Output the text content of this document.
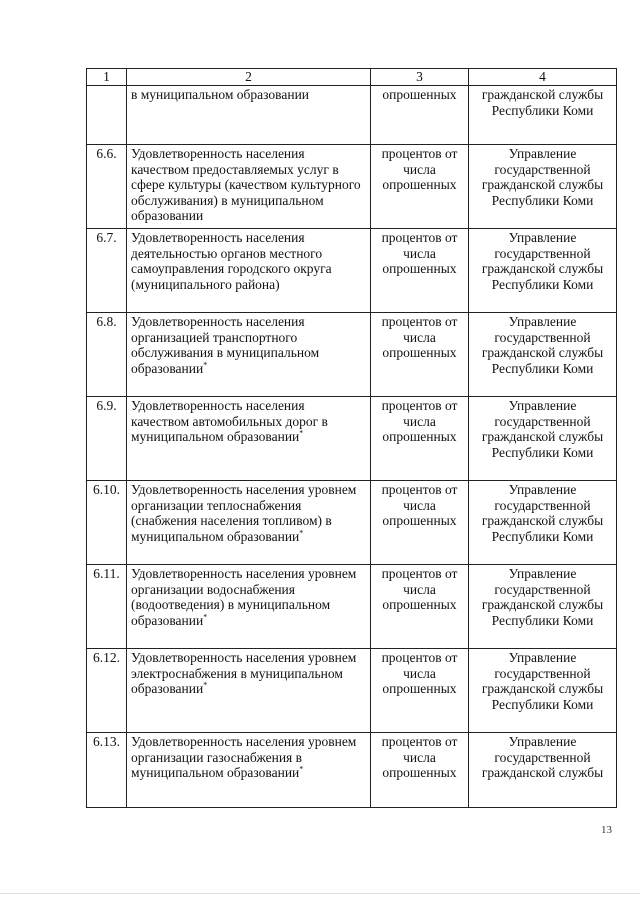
1	2	3	4
	в муниципальном образовании	опрошенных	гражданской службы Республики Коми
6.6.	Удовлетворенность населения качеством предоставляемых услуг в сфере культуры (качеством культурного обслуживания) в муниципальном образовании	процентов от числа опрошенных	Управление государственной гражданской службы Республики Коми
6.7.	Удовлетворенность населения деятельностью органов местного самоуправления городского округа (муниципального района)	процентов от числа опрошенных	Управление государственной гражданской службы Республики Коми
6.8.	Удовлетворенность населения организацией транспортного обслуживания в муниципальном образовании*	процентов от числа опрошенных	Управление государственной гражданской службы Республики Коми
6.9.	Удовлетворенность населения качеством автомобильных дорог в муниципальном образовании*	процентов от числа опрошенных	Управление государственной гражданской службы Республики Коми
6.10.	Удовлетворенность населения уровнем организации теплоснабжения (снабжения населения топливом) в муниципальном образовании*	процентов от числа опрошенных	Управление государственной гражданской службы Республики Коми
6.11.	Удовлетворенность населения уровнем организации водоснабжения (водоотведения) в муниципальном образовании*	процентов от числа опрошенных	Управление государственной гражданской службы Республики Коми
6.12.	Удовлетворенность населения уровнем электроснабжения в муниципальном образовании*	процентов от числа опрошенных	Управление государственной гражданской службы Республики Коми
6.13.	Удовлетворенность населения уровнем организации газоснабжения в муниципальном образовании*	процентов от числа опрошенных	Управление государственной гражданской службы
13
